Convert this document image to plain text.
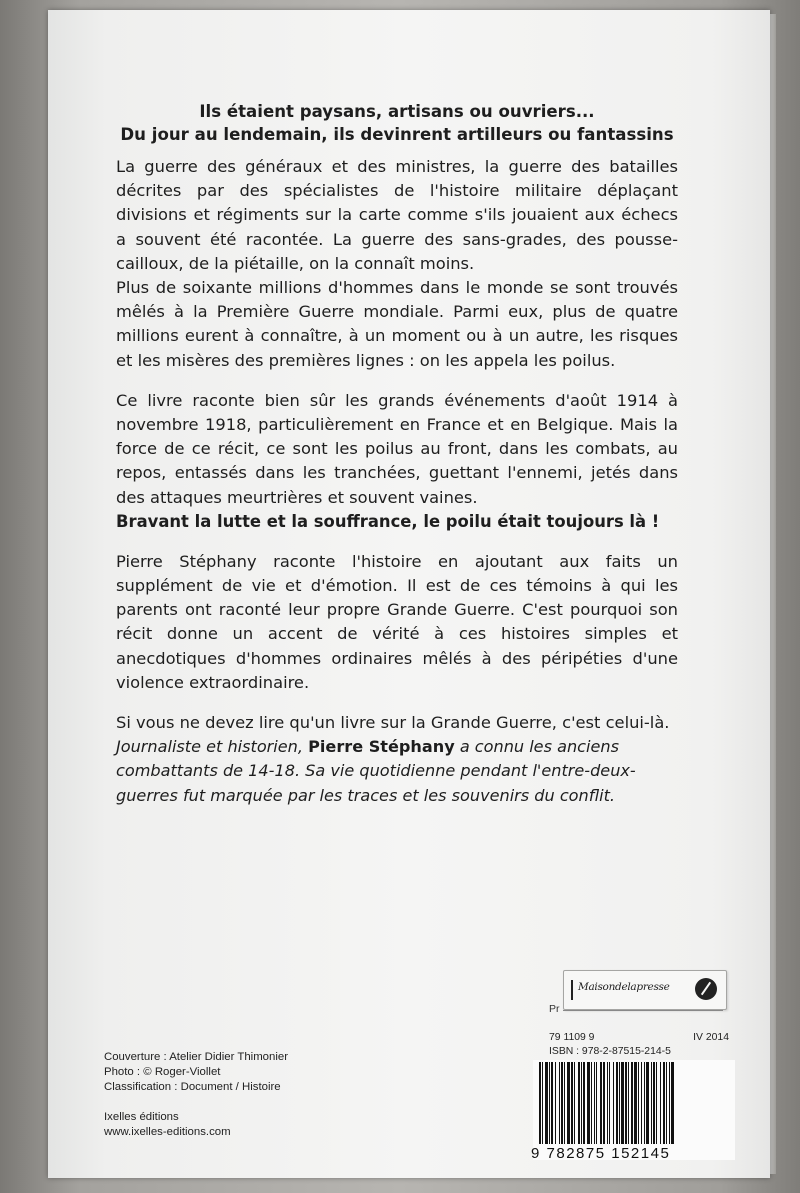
Ils étaient paysans, artisans ou ouvriers...

Du jour au lendemain, ils devinrent artilleurs ou fantassins

La guerre des généraux et des ministres, la guerre des batailles décrites par des spécialistes de l'histoire militaire déplaçant divisions et régiments sur la carte comme s'ils jouaient aux échecs a souvent été racontée. La guerre des sans-grades, des pousse-cailloux, de la piétaille, on la connaît moins.

Plus de soixante millions d'hommes dans le monde se sont trouvés mêlés à la Première Guerre mondiale. Parmi eux, plus de quatre millions eurent à connaître, à un moment ou à un autre, les risques et les misères des premières lignes : on les appela les poilus.

Ce livre raconte bien sûr les grands événements d'août 1914 à novembre 1918, particulièrement en France et en Belgique. Mais la force de ce récit, ce sont les poilus au front, dans les combats, au repos, entassés dans les tranchées, guettant l'ennemi, jetés dans des attaques meurtrières et souvent vaines.

Bravant la lutte et la souffrance, le poilu était toujours là !

Pierre Stéphany raconte l'histoire en ajoutant aux faits un supplément de vie et d'émotion. Il est de ces témoins à qui les parents ont raconté leur propre Grande Guerre. C'est pourquoi son récit donne un accent de vérité à ces histoires simples et anecdotiques d'hommes ordinaires mêlés à des péripéties d'une violence extraordinaire.

Si vous ne devez lire qu'un livre sur la Grande Guerre, c'est celui-là.

Journaliste et historien, Pierre Stéphany a connu les anciens combattants de 14-18. Sa vie quotidienne pendant l'entre-deux-guerres fut marquée par les traces et les souvenirs du conflit.

Maisondelapresse
Pr
79 1109 9	IV 2014
ISBN : 978-2-87515-214-5
Couverture : Atelier Didier Thimonier
Photo : © Roger-Viollet
Classification : Document / Histoire
Ixelles éditions
www.ixelles-editions.com
9 782875 152145
